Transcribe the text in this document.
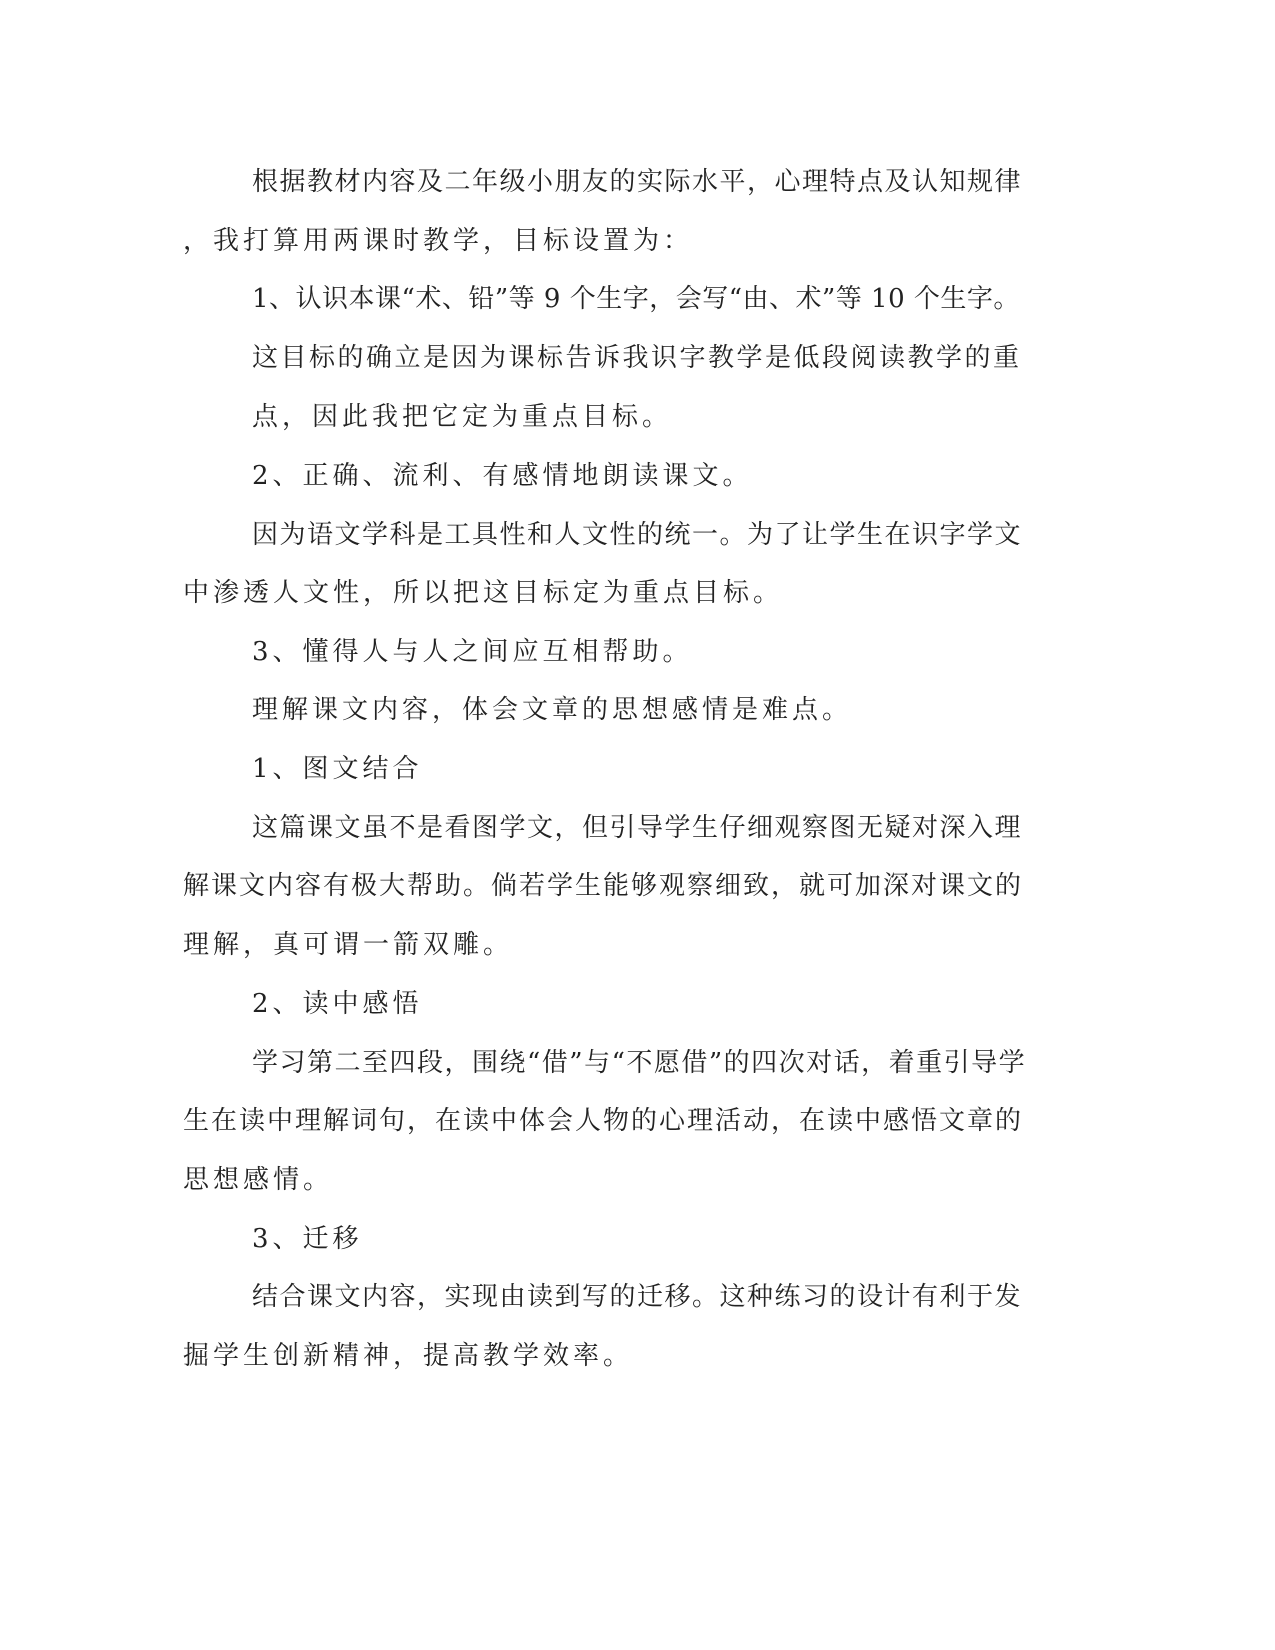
根据教材内容及二年级小朋友的实际水平，心理特点及认知规律
，我打算用两课时教学，目标设置为：
1、认识本课“术、铅”等 9 个生字，会写“由、术”等 10 个生字。
这目标的确立是因为课标告诉我识字教学是低段阅读教学的重
点，因此我把它定为重点目标。
2、正确、流利、有感情地朗读课文。
因为语文学科是工具性和人文性的统一。为了让学生在识字学文
中渗透人文性，所以把这目标定为重点目标。
3、懂得人与人之间应互相帮助。
理解课文内容，体会文章的思想感情是难点。
1、图文结合
这篇课文虽不是看图学文，但引导学生仔细观察图无疑对深入理
解课文内容有极大帮助。倘若学生能够观察细致，就可加深对课文的
理解，真可谓一箭双雕。
2、读中感悟
学习第二至四段，围绕“借”与“不愿借”的四次对话，着重引导学
生在读中理解词句，在读中体会人物的心理活动，在读中感悟文章的
思想感情。
3、迁移
结合课文内容，实现由读到写的迁移。这种练习的设计有利于发
掘学生创新精神，提高教学效率。
